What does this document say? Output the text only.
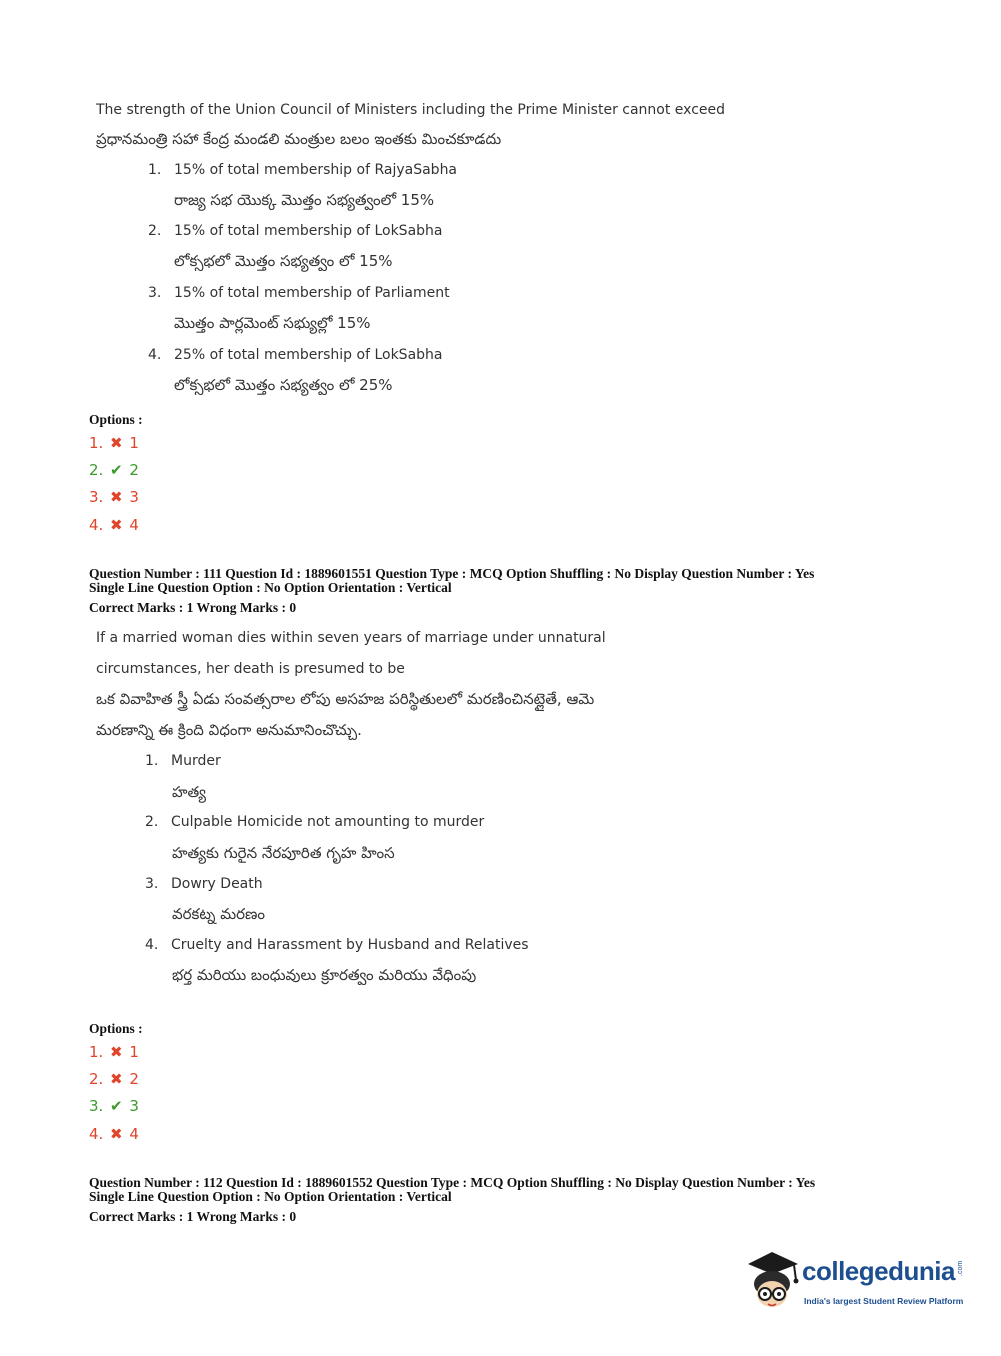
The strength of the Union Council of Ministers including the Prime Minister cannot exceed
ప్రధానమంత్రి సహా కేంద్ర మండలి మంత్రుల బలం ఇంతకు మించకూడదు
1. 15% of total membership of RajyaSabha
రాజ్య సభ యొక్క మొత్తం సభ్యత్వంలో 15%
2. 15% of total membership of LokSabha
లోక్సభలో మొత్తం సభ్యత్వం లో 15%
3. 15% of total membership of Parliament
మొత్తం పార్లమెంట్ సభ్యుల్లో 15%
4. 25% of total membership of LokSabha
లోక్సభలో మొత్తం సభ్యత్వం లో 25%
Options :
1. ✖ 1
2. ✔ 2
3. ✖ 3
4. ✖ 4
Question Number : 111 Question Id : 1889601551 Question Type : MCQ Option Shuffling : No Display Question Number : Yes
Single Line Question Option : No Option Orientation : Vertical
Correct Marks : 1 Wrong Marks : 0
If a married woman dies within seven years of marriage under unnatural
circumstances, her death is presumed to be
ఒక వివాహిత స్త్రీ ఏడు సంవత్సరాల లోపు అసహజ పరిస్థితులలో మరణించినట్లైతే, ఆమె
మరణాన్ని ఈ క్రింది విధంగా అనుమానించొచ్చు.
1. Murder
హత్య
2. Culpable Homicide not amounting to murder
హత్యకు గురైన నేరపూరిత గృహ హింస
3. Dowry Death
వరకట్న మరణం
4. Cruelty and Harassment by Husband and Relatives
భర్త మరియు బంధువులు క్రూరత్వం మరియు వేధింపు
Options :
1. ✖ 1
2. ✖ 2
3. ✔ 3
4. ✖ 4
Question Number : 112 Question Id : 1889601552 Question Type : MCQ Option Shuffling : No Display Question Number : Yes
Single Line Question Option : No Option Orientation : Vertical
Correct Marks : 1 Wrong Marks : 0
collegedunia .com
India's largest Student Review Platform
